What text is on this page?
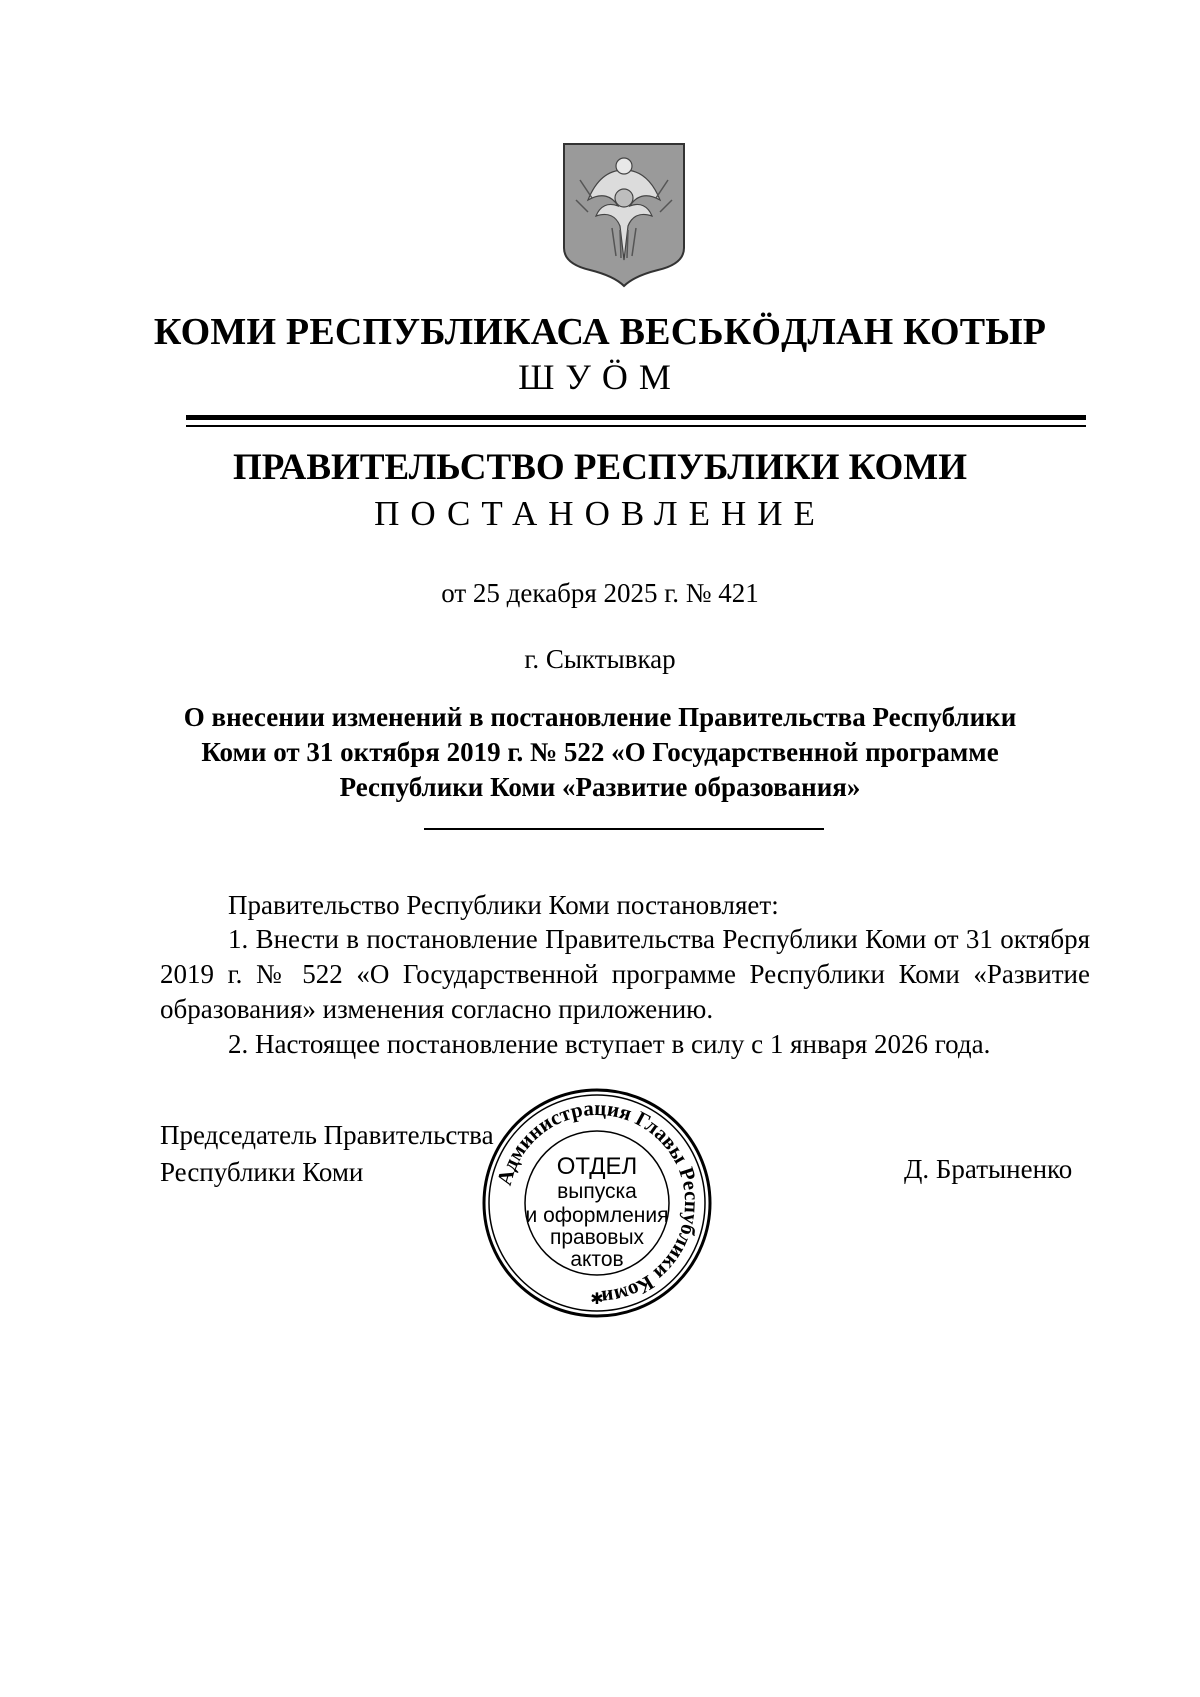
КОМИ РЕСПУБЛИКАСА ВЕСЬКӦДЛАН КОТЫР
ШУӦМ
ПРАВИТЕЛЬСТВО РЕСПУБЛИКИ КОМИ
ПОСТАНОВЛЕНИЕ
от 25 декабря 2025 г. № 421
г. Сыктывкар
О внесении изменений в постановление Правительства Республики
Коми от 31 октября 2019 г. № 522 «О Государственной программе
Республики Коми «Развитие образования»
Правительство Республики Коми постановляет:
1. Внести в постановление Правительства Республики Коми от 31 октября 2019 г. № 522 «О Государственной программе Республики Коми «Развитие образования» изменения согласно приложению.
2. Настоящее постановление вступает в силу с 1 января 2026 года.
Председатель Правительства
Республики Коми	Д. Братыненко
Администрация Главы Республики Коми
ОТДЕЛ
выпуска
и оформления
правовых
актов
✱
